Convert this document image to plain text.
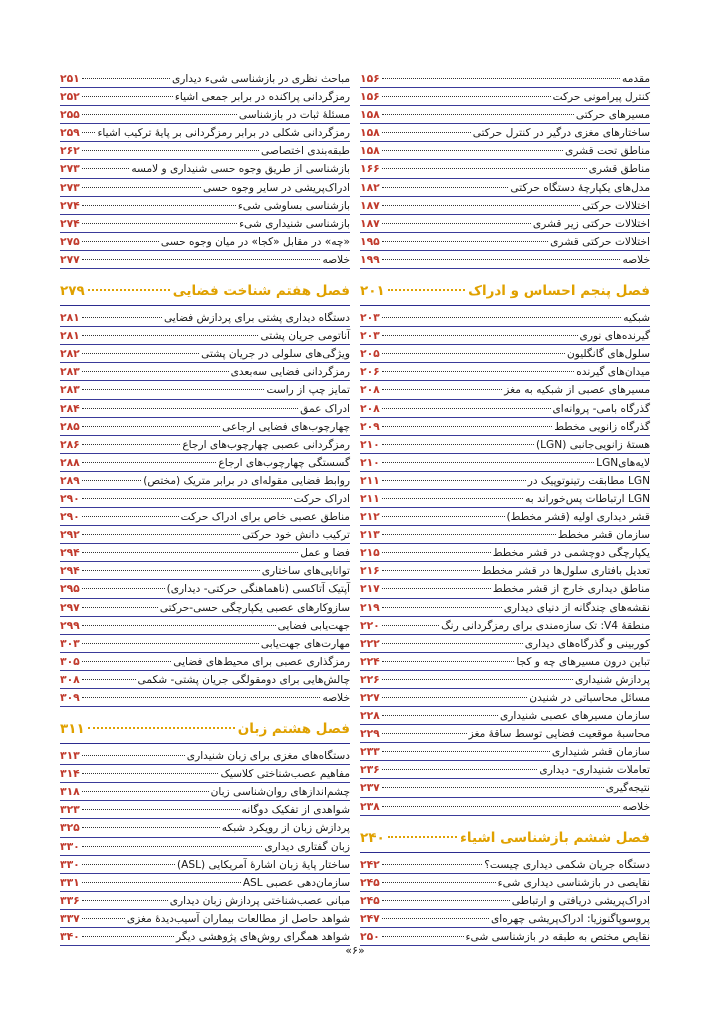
مقدمه
۱۵۶
کنترل پیرامونی حرکت
۱۵۶
مسیرهای حرکتی
۱۵۸
ساختارهای مغزی درگیر در کنترل حرکتی
۱۵۸
مناطق تحت قشری
۱۵۸
مناطق قشری
۱۶۶
مدل‌های یکپارچهٔ دستگاه حرکتی
۱۸۲
اختلالات حرکتی
۱۸۷
اختلالات حرکتی زیر قشری
۱۸۷
اختلالات حرکتی قشری
۱۹۵
خلاصه
۱۹۹
فصل پنجم احساس و ادراک
۲۰۱
شبکیه
۲۰۳
گیرنده‌های نوری
۲۰۳
سلول‌های گانگلیون
۲۰۵
میدان‌های گیرنده
۲۰۶
مسیرهای عصبی از شبکیه به مغز
۲۰۸
گذرگاه بامی- پروانه‌ای
۲۰۸
گذرگاه زانویی مخطط
۲۰۹
هستهٔ زانویی‌جانبی (LGN)
۲۱۰
لایه‌هایLGN
۲۱۰
LGN مطابقت رتینوتوپیک در
۲۱۱
LGN ارتباطات پس‌خوراند به
۲۱۱
قشر دیداری اولیه (قشر مخطط)
۲۱۲
سازمان قشر مخطط
۲۱۳
یکپارچگی دوچشمی در قشر مخطط
۲۱۵
تعدیل بافتاری سلول‌ها در قشر مخطط
۲۱۶
مناطق دیداری خارج از قشر مخطط
۲۱۷
نقشه‌های چندگانه از دنیای دیداری
۲۱۹
منطقهٔ V4: تک سازه‌مندی برای رمزگردانی رنگ
۲۲۰
کوربینی و گذرگاه‌های دیداری
۲۲۲
تباین درون مسیرهای چه و کجا
۲۲۴
پردازش شنیداری
۲۲۶
مسائل محاسباتی در شنیدن
۲۲۷
سازمان مسیرهای عصبی شنیداری
۲۲۸
محاسبهٔ موقعیت فضایی توسط ساقهٔ مغز
۲۲۹
سازمان قشر شنیداری
۲۳۳
تعاملات شنیداری- دیداری
۲۳۶
نتیجه‌گیری
۲۳۷
خلاصه
۲۳۸
فصل ششم بازشناسی اشیاء
۲۴۰
دستگاه جریان شکمی دیداری چیست؟
۲۴۲
نقایصی در بازشناسی دیداری شیء
۲۴۵
ادراک‌پریشی دریافتی و ارتباطی
۲۴۵
پروسوپاگنوزیا: ادراک‌پریشی چهره‌ای
۲۴۷
نقایص مختص به طبقه در بازشناسی شیء
۲۵۰
مباحث نظری در بازشناسی شیء دیداری
۲۵۱
رمزگردانی پراکنده در برابر جمعی اشیاء
۲۵۲
مسئلهٔ ثبات در بازشناسی
۲۵۵
رمزگردانی شکلی در برابر رمزگردانی بر پایهٔ ترکیب اشیاء
۲۵۹
طبقه‌بندی اختصاصی
۲۶۲
بازشناسی از طریق وجوه حسی شنیداری و لامسه
۲۷۳
ادراک‌پریشی در سایر وجوه حسی
۲۷۳
بازشناسی بساوشی شیء
۲۷۴
بازشناسی شنیداری شیء
۲۷۴
«چه» در مقابل «کجا» در میان وجوه حسی
۲۷۵
خلاصه
۲۷۷
فصل هفتم شناخت فضایی
۲۷۹
دستگاه دیداری پشتی برای پردازش فضایی
۲۸۱
آناتومی جریان پشتی
۲۸۱
ویژگی‌های سلولی در جریان پشتی
۲۸۲
رمزگردانی فضایی سه‌بعدی
۲۸۳
تمایز چپ از راست
۲۸۳
ادراک عمق
۲۸۴
چهارچوب‌های فضایی ارجاعی
۲۸۵
رمزگردانی عصبی چهارچوب‌های ارجاع
۲۸۶
گسستگی چهارچوب‌های ارجاع
۲۸۸
روابط فضایی مقوله‌ای در برابر متریک (مختص)
۲۸۹
ادراک حرکت
۲۹۰
مناطق عصبی خاص برای ادراک حرکت
۲۹۰
ترکیب دانش خود حرکتی
۲۹۲
فضا و عمل
۲۹۴
توانایی‌های ساختاری
۲۹۴
آپتیک آتاکسی (ناهماهنگی حرکتی- دیداری)
۲۹۵
سازوکارهای عصبی یکپارچگی حسی-حرکتی
۲۹۷
جهت‌یابی فضایی
۲۹۹
مهارت‌های جهت‌یابی
۳۰۳
رمزگذاری عصبی برای محیط‌های فضایی
۳۰۵
چالش‌هایی برای دومقولگی جریان پشتی- شکمی
۳۰۸
خلاصه
۳۰۹
فصل هشتم زبان
۳۱۱
دستگاه‌های مغزی برای زبان شنیداری
۳۱۳
مفاهیم عصب‌شناختی کلاسیک
۳۱۴
چشم‌اندازهای روان‌شناسی زبان
۳۱۸
شواهدی از تفکیک دوگانه
۳۲۳
پردازش زبان از رویکرد شبکه
۳۲۵
زبان گفتاری دیداری
۳۳۰
ساختار پایهٔ زبان اشارهٔ آمریکایی (ASL)
۳۳۰
سازمان‌دهی عصبی ASL
۳۳۱
مبانی عصب‌شناختی پردازش زبان دیداری
۳۳۶
شواهد حاصل از مطالعات بیماران آسیب‌دیدهٔ مغزی
۳۳۷
شواهد همگرای روش‌های پژوهشی دیگر
۳۴۰
«۶»
